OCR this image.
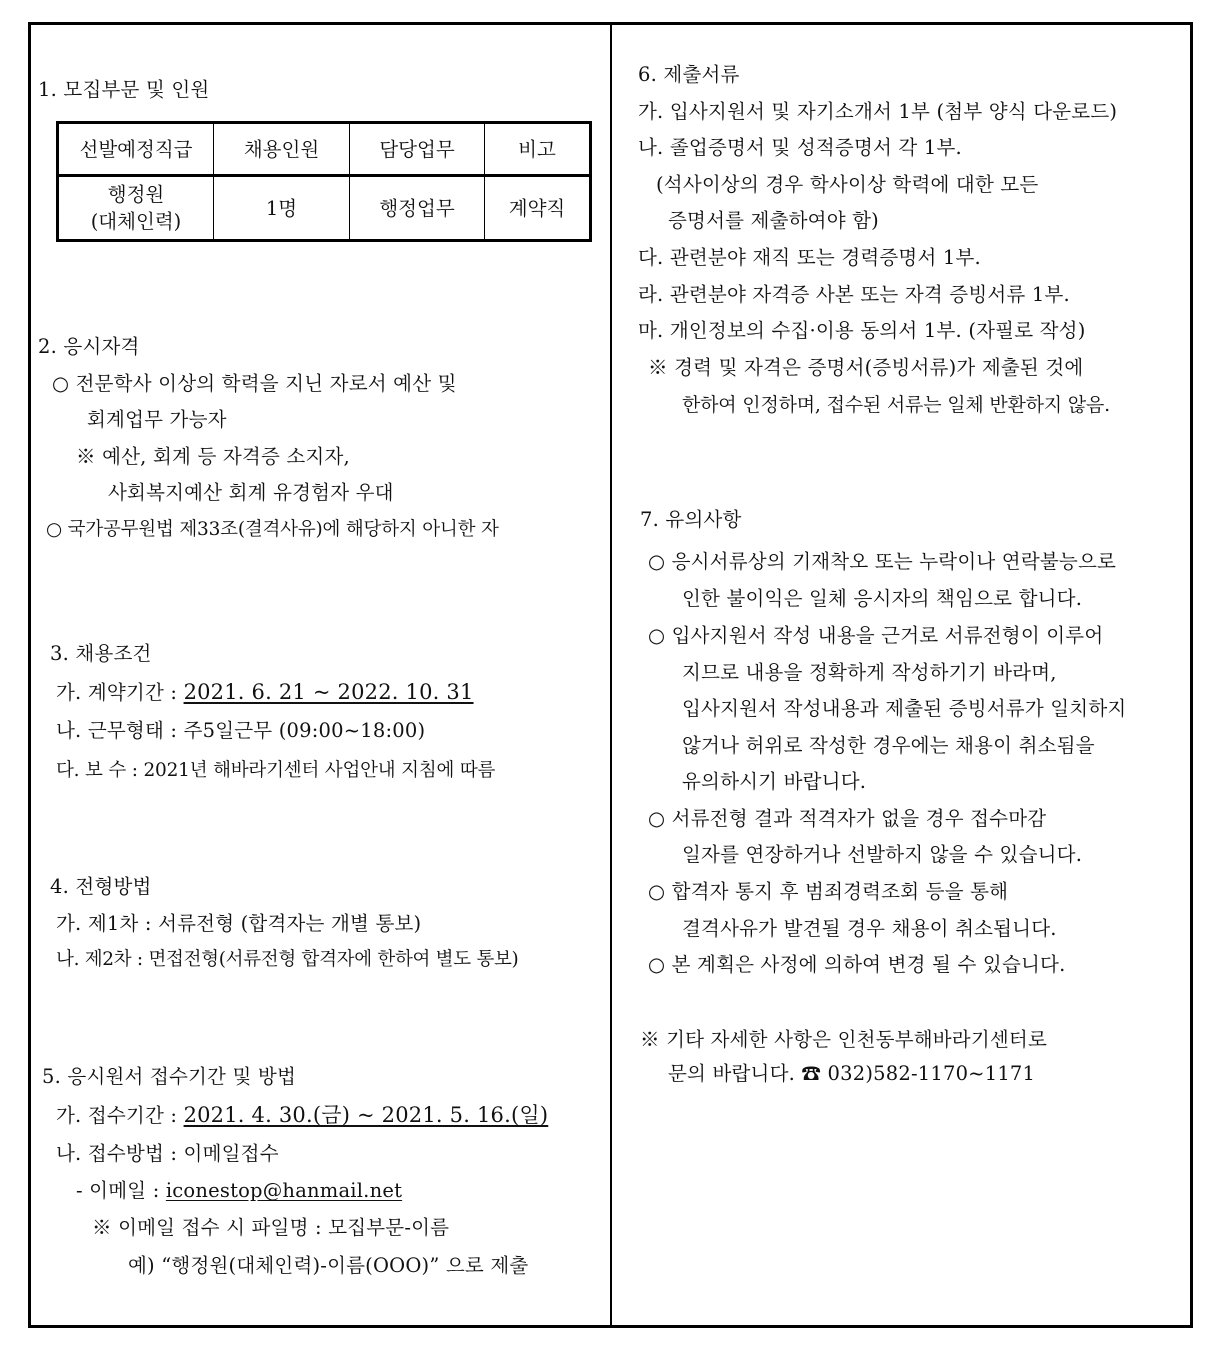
1. 모집부문 및 인원
선발예정직급	채용인원	담당업무	비고

행정원
(대체인력)	1명	행정업무	계약직
2. 응시자격
○ 전문학사 이상의 학력을 지닌 자로서 예산 및
회계업무 가능자
※ 예산, 회계 등 자격증 소지자,
사회복지예산 회계 유경험자 우대
○ 국가공무원법 제33조(결격사유)에 해당하지 아니한 자
3. 채용조건
가. 계약기간 : 2021. 6. 21 ~ 2022. 10. 31
나. 근무형태 : 주5일근무 (09:00~18:00)
다. 보 수 : 2021년 해바라기센터 사업안내 지침에 따름
4. 전형방법
가. 제1차 : 서류전형 (합격자는 개별 통보)
나. 제2차 : 면접전형(서류전형 합격자에 한하여 별도 통보)
5. 응시원서 접수기간 및 방법
가. 접수기간 : 2021. 4. 30.(금) ~ 2021. 5. 16.(일)
나. 접수방법 : 이메일접수
- 이메일 : iconestop@hanmail.net
※ 이메일 접수 시 파일명 : 모집부문-이름
예) “행정원(대체인력)-이름(OOO)” 으로 제출
6. 제출서류
가. 입사지원서 및 자기소개서 1부 (첨부 양식 다운로드)
나. 졸업증명서 및 성적증명서 각 1부.
(석사이상의 경우 학사이상 학력에 대한 모든
증명서를 제출하여야 함)
다. 관련분야 재직 또는 경력증명서 1부.
라. 관련분야 자격증 사본 또는 자격 증빙서류 1부.
마. 개인정보의 수집·이용 동의서 1부. (자필로 작성)
※ 경력 및 자격은 증명서(증빙서류)가 제출된 것에
한하여 인정하며, 접수된 서류는 일체 반환하지 않음.
7. 유의사항
○ 응시서류상의 기재착오 또는 누락이나 연락불능으로
인한 불이익은 일체 응시자의 책임으로 합니다.
○ 입사지원서 작성 내용을 근거로 서류전형이 이루어
지므로 내용을 정확하게 작성하기기 바라며,
입사지원서 작성내용과 제출된 증빙서류가 일치하지
않거나 허위로 작성한 경우에는 채용이 취소됨을
유의하시기 바랍니다.
○ 서류전형 결과 적격자가 없을 경우 접수마감
일자를 연장하거나 선발하지 않을 수 있습니다.
○ 합격자 통지 후 범죄경력조회 등을 통해
결격사유가 발견될 경우 채용이 취소됩니다.
○ 본 계획은 사정에 의하여 변경 될 수 있습니다.
※ 기타 자세한 사항은 인천동부해바라기센터로
문의 바랍니다. ☎ 032)582-1170~1171
